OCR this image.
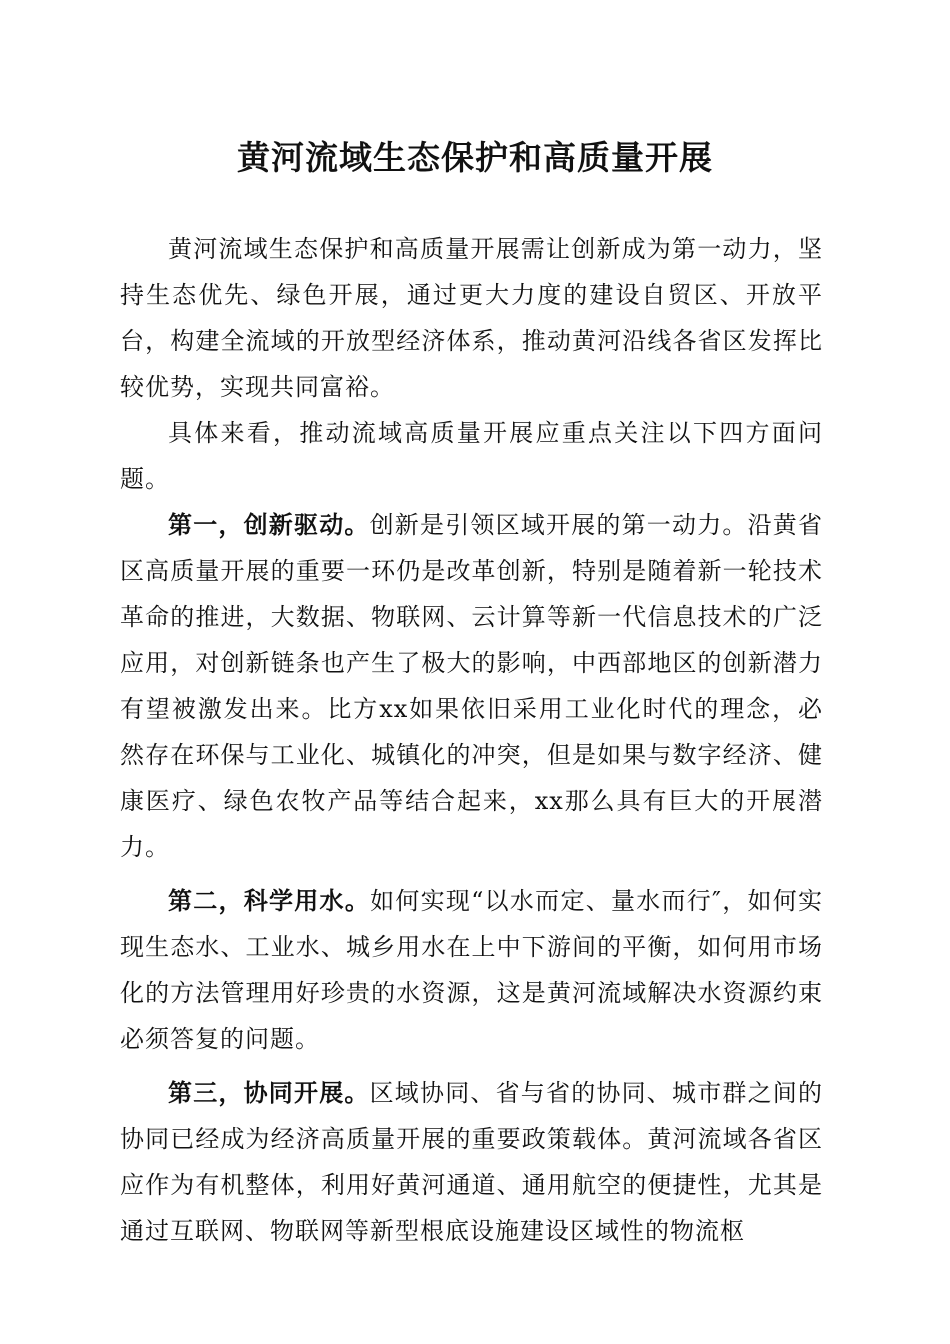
黄河流域生态保护和高质量开展

黄河流域生态保护和高质量开展需让创新成为第一动力，坚持生态优先、绿色开展，通过更大力度的建设自贸区、开放平台，构建全流域的开放型经济体系，推动黄河沿线各省区发挥比较优势，实现共同富裕。

具体来看，推动流域高质量开展应重点关注以下四方面问题。

第一，创新驱动。创新是引领区域开展的第一动力。沿黄省区高质量开展的重要一环仍是改革创新，特别是随着新一轮技术革命的推进，大数据、物联网、云计算等新一代信息技术的广泛应用，对创新链条也产生了极大的影响，中西部地区的创新潜力有望被激发出来。比方xx如果依旧采用工业化时代的理念，必然存在环保与工业化、城镇化的冲突，但是如果与数字经济、健康医疗、绿色农牧产品等结合起来，xx那么具有巨大的开展潜力。

第二，科学用水。如何实现“以水而定、量水而行″，如何实现生态水、工业水、城乡用水在上中下游间的平衡，如何用市场化的方法管理用好珍贵的水资源，这是黄河流域解决水资源约束必须答复的问题。

第三，协同开展。区域协同、省与省的协同、城市群之间的协同已经成为经济高质量开展的重要政策载体。黄河流域各省区应作为有机整体，利用好黄河通道、通用航空的便捷性，尤其是通过互联网、物联网等新型根底设施建设区域性的物流枢
